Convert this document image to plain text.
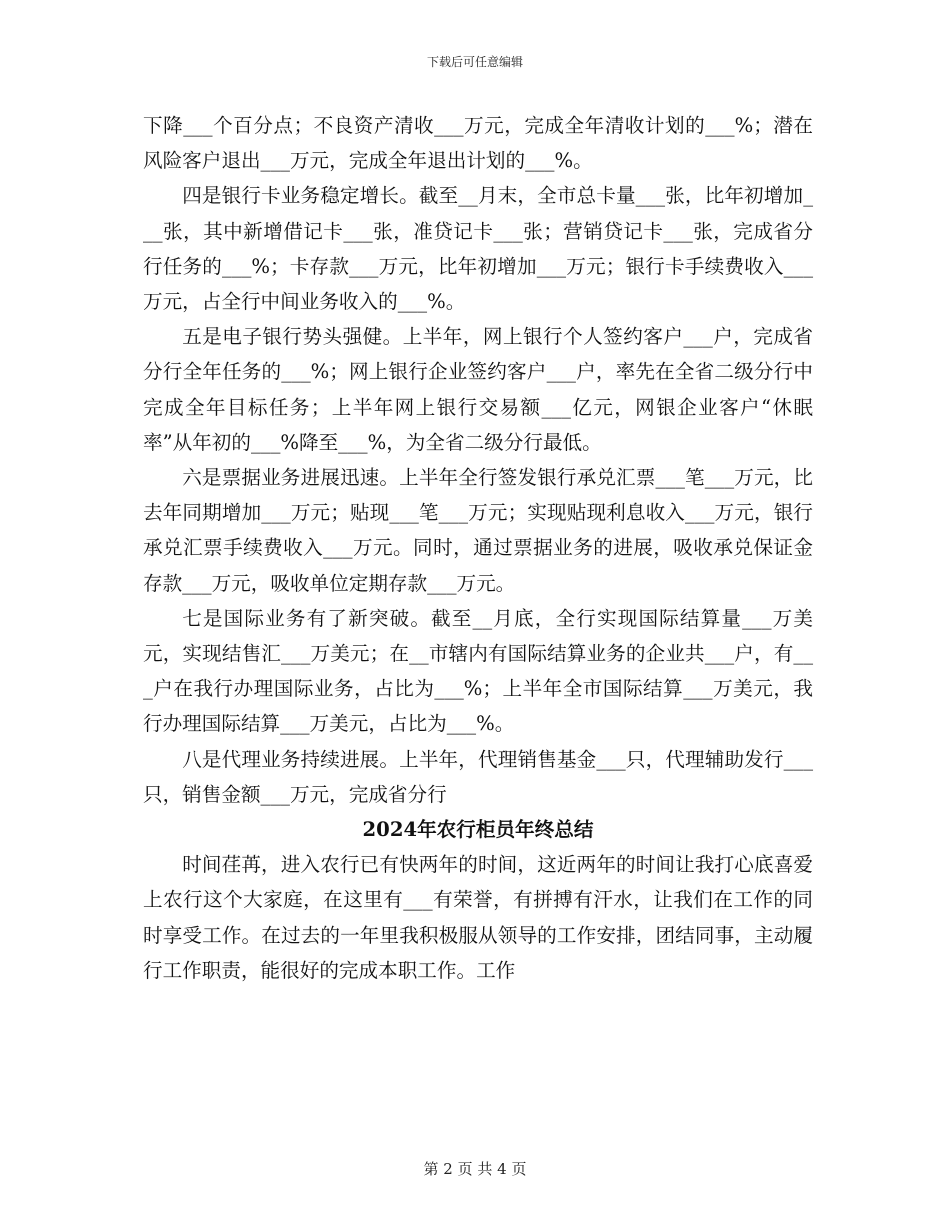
下载后可任意编辑

下降___个百分点；不良资产清收___万元，完成全年清收计划的___%；潜在风险客户退出___万元，完成全年退出计划的___%。

四是银行卡业务稳定增长。截至__月末，全市总卡量___张，比年初增加___张，其中新增借记卡___张，准贷记卡___张；营销贷记卡___张，完成省分行任务的___%；卡存款___万元，比年初增加___万元；银行卡手续费收入___万元，占全行中间业务收入的___%。

五是电子银行势头强健。上半年，网上银行个人签约客户___户，完成省分行全年任务的___%；网上银行企业签约客户___户，率先在全省二级分行中完成全年目标任务；上半年网上银行交易额___亿元，网银企业客户“休眠率”从年初的___%降至___%，为全省二级分行最低。

六是票据业务进展迅速。上半年全行签发银行承兑汇票___笔___万元，比去年同期增加___万元；贴现___笔___万元；实现贴现利息收入___万元，银行承兑汇票手续费收入___万元。同时，通过票据业务的进展，吸收承兑保证金存款___万元，吸收单位定期存款___万元。

七是国际业务有了新突破。截至__月底，全行实现国际结算量___万美元，实现结售汇___万美元；在__市辖内有国际结算业务的企业共___户，有___户在我行办理国际业务，占比为___%；上半年全市国际结算___万美元，我行办理国际结算___万美元，占比为___%。

八是代理业务持续进展。上半年，代理销售基金___只，代理辅助发行___只，销售金额___万元，完成省分行

2024年农行柜员年终总结

时间荏苒，进入农行已有快两年的时间，这近两年的时间让我打心底喜爱上农行这个大家庭，在这里有___有荣誉，有拼搏有汗水，让我们在工作的同时享受工作。在过去的一年里我积极服从领导的工作安排，团结同事，主动履行工作职责，能很好的完成本职工作。工作

第 2 页 共 4 页
